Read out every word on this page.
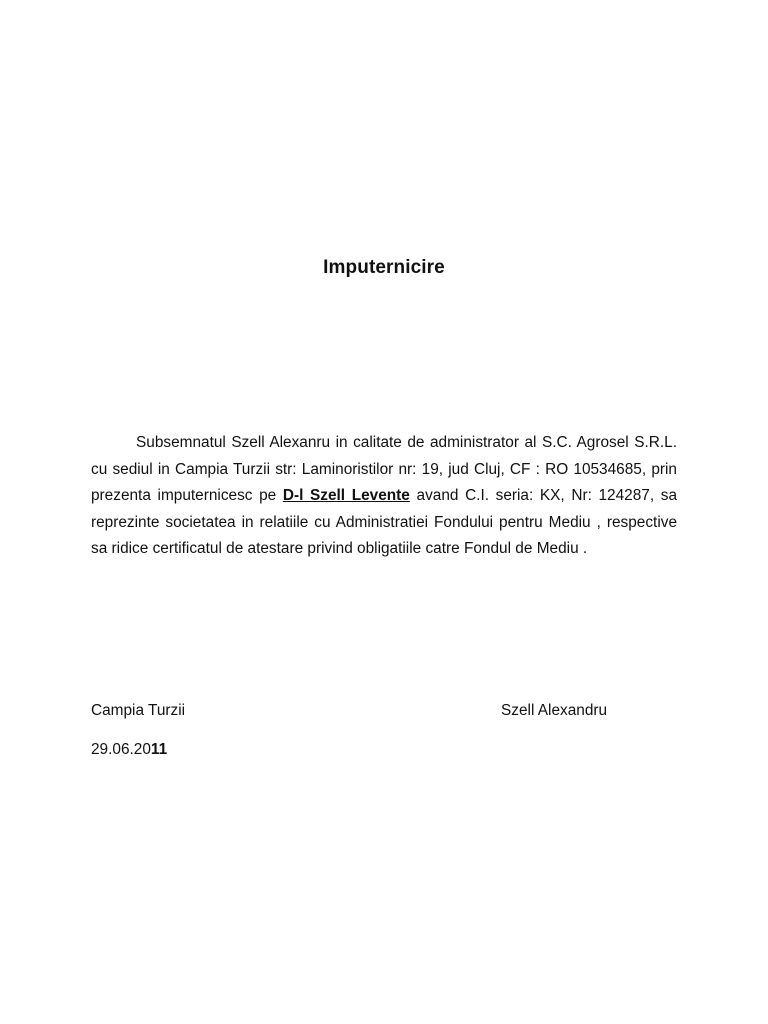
Imputernicire

Subsemnatul Szell Alexanru in calitate de administrator al S.C. Agrosel S.R.L. cu sediul in Campia Turzii str: Laminoristilor nr: 19, jud Cluj, CF : RO 10534685, prin prezenta imputernicesc pe D-l Szell Levente avand C.I. seria: KX, Nr: 124287, sa reprezinte societatea in relatiile cu Administratiei Fondului pentru Mediu , respective sa ridice certificatul de atestare privind obligatiile catre Fondul de Mediu .

Campia Turzii	Szell Alexandru
29.06.2011
